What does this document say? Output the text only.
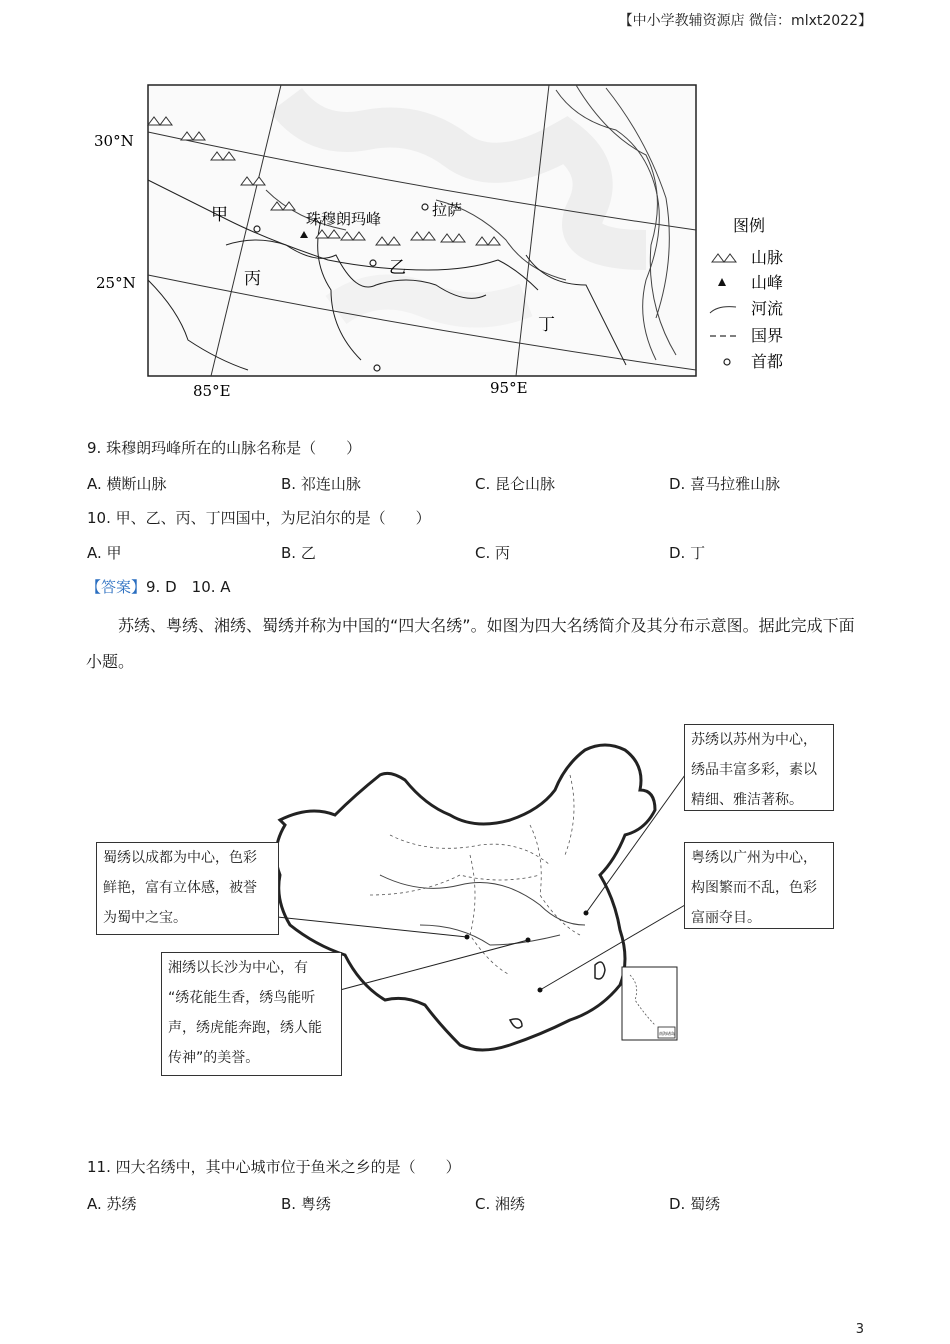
【中小学教辅资源店 微信：mlxt2022】
30°N
25°N
85°E	95°E
甲
乙
丙
丁
珠穆朗玛峰	拉萨
图例
山脉
山峰
河流
国界
首都
9. 珠穆朗玛峰所在的山脉名称是（　　）
A. 横断山脉	B. 祁连山脉	C. 昆仑山脉	D. 喜马拉雅山脉
10. 甲、乙、丙、丁四国中，为尼泊尔的是（　　）
A. 甲	B. 乙	C. 丙	D. 丁
【答案】9. D　10. A
苏绣、粤绣、湘绣、蜀绣并称为中国的“四大名绣”。如图为四大名绣简介及其分布示意图。据此完成下面小题。
南海诸岛
苏绣以苏州为中心，
绣品丰富多彩，素以
精细、雅洁著称。
粤绣以广州为中心，
构图繁而不乱，色彩
富丽夺目。
蜀绣以成都为中心，色彩
鲜艳，富有立体感，被誉
为蜀中之宝。
湘绣以长沙为中心，有
“绣花能生香，绣鸟能听
声，绣虎能奔跑，绣人能
传神”的美誉。
11. 四大名绣中，其中心城市位于鱼米之乡的是（　　）
A. 苏绣	B. 粤绣	C. 湘绣	D. 蜀绣
3
